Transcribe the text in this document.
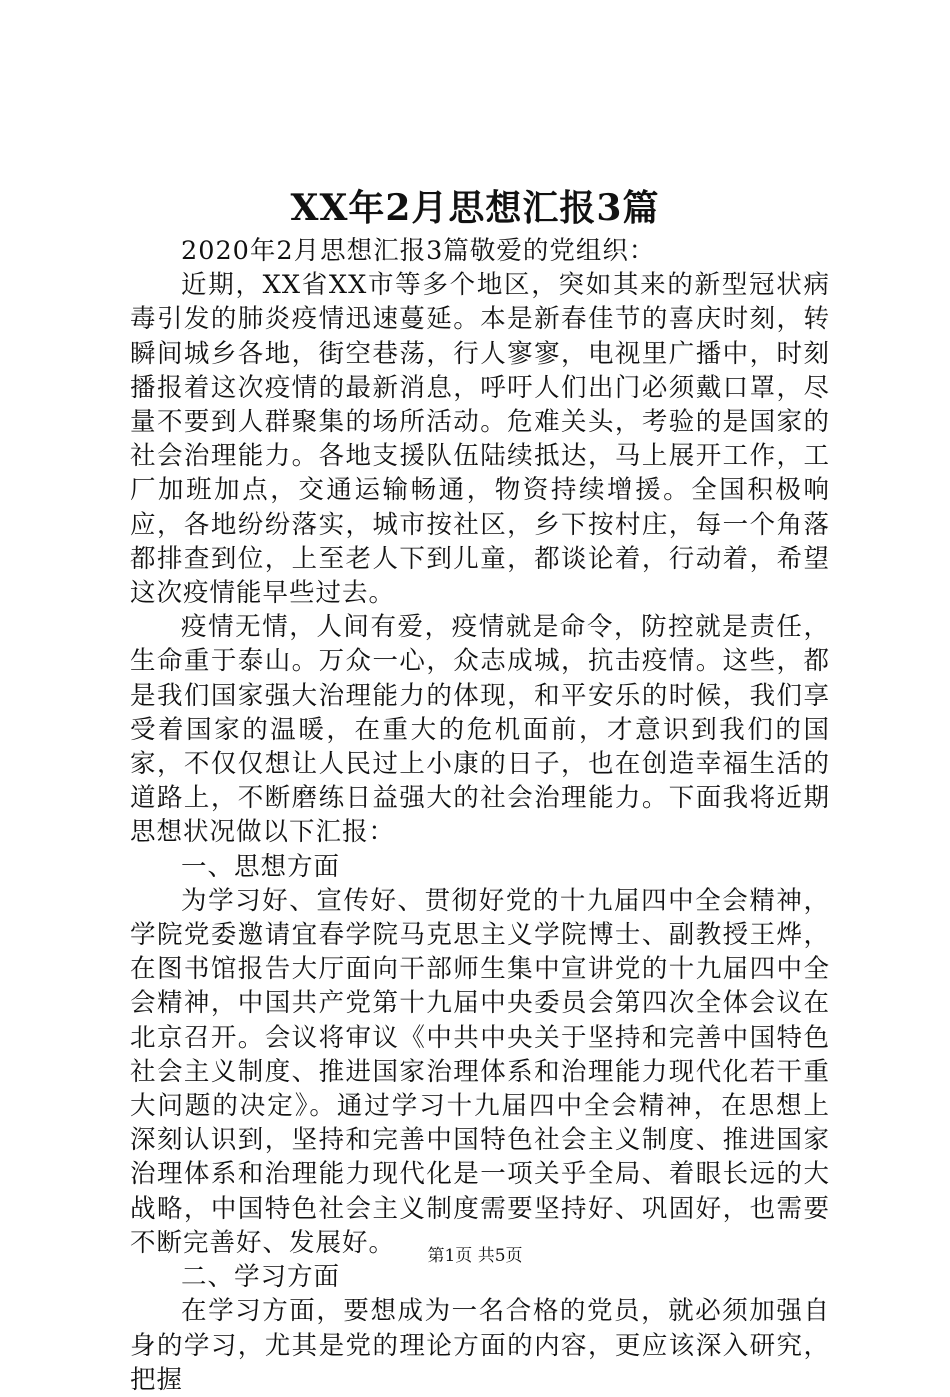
XX年2月思想汇报3篇

2020年2月思想汇报3篇敬爱的党组织：

近期，XX省XX市等多个地区，突如其来的新型冠状病毒引发的肺炎疫情迅速蔓延。本是新春佳节的喜庆时刻，转瞬间城乡各地，街空巷荡，行人寥寥，电视里广播中，时刻播报着这次疫情的最新消息，呼吁人们出门必须戴口罩，尽量不要到人群聚集的场所活动。危难关头，考验的是国家的社会治理能力。各地支援队伍陆续抵达，马上展开工作，工厂加班加点，交通运输畅通，物资持续增援。全国积极响应，各地纷纷落实，城市按社区，乡下按村庄，每一个角落都排查到位，上至老人下到儿童，都谈论着，行动着，希望这次疫情能早些过去。

疫情无情，人间有爱，疫情就是命令，防控就是责任，生命重于泰山。万众一心，众志成城，抗击疫情。这些，都是我们国家强大治理能力的体现，和平安乐的时候，我们享受着国家的温暖，在重大的危机面前，才意识到我们的国家，不仅仅想让人民过上小康的日子，也在创造幸福生活的道路上，不断磨练日益强大的社会治理能力。下面我将近期思想状况做以下汇报：

一、思想方面

为学习好、宣传好、贯彻好党的十九届四中全会精神，学院党委邀请宜春学院马克思主义学院博士、副教授王烨，在图书馆报告大厅面向干部师生集中宣讲党的十九届四中全会精神，中国共产党第十九届中央委员会第四次全体会议在北京召开。会议将审议《中共中央关于坚持和完善中国特色社会主义制度、推进国家治理体系和治理能力现代化若干重大问题的决定》。通过学习十九届四中全会精神，在思想上深刻认识到，坚持和完善中国特色社会主义制度、推进国家治理体系和治理能力现代化是一项关乎全局、着眼长远的大战略，中国特色社会主义制度需要坚持好、巩固好，也需要不断完善好、发展好。

二、学习方面

在学习方面，要想成为一名合格的党员，就必须加强自身的学习，尤其是党的理论方面的内容，更应该深入研究，把握

第1页 共5页
